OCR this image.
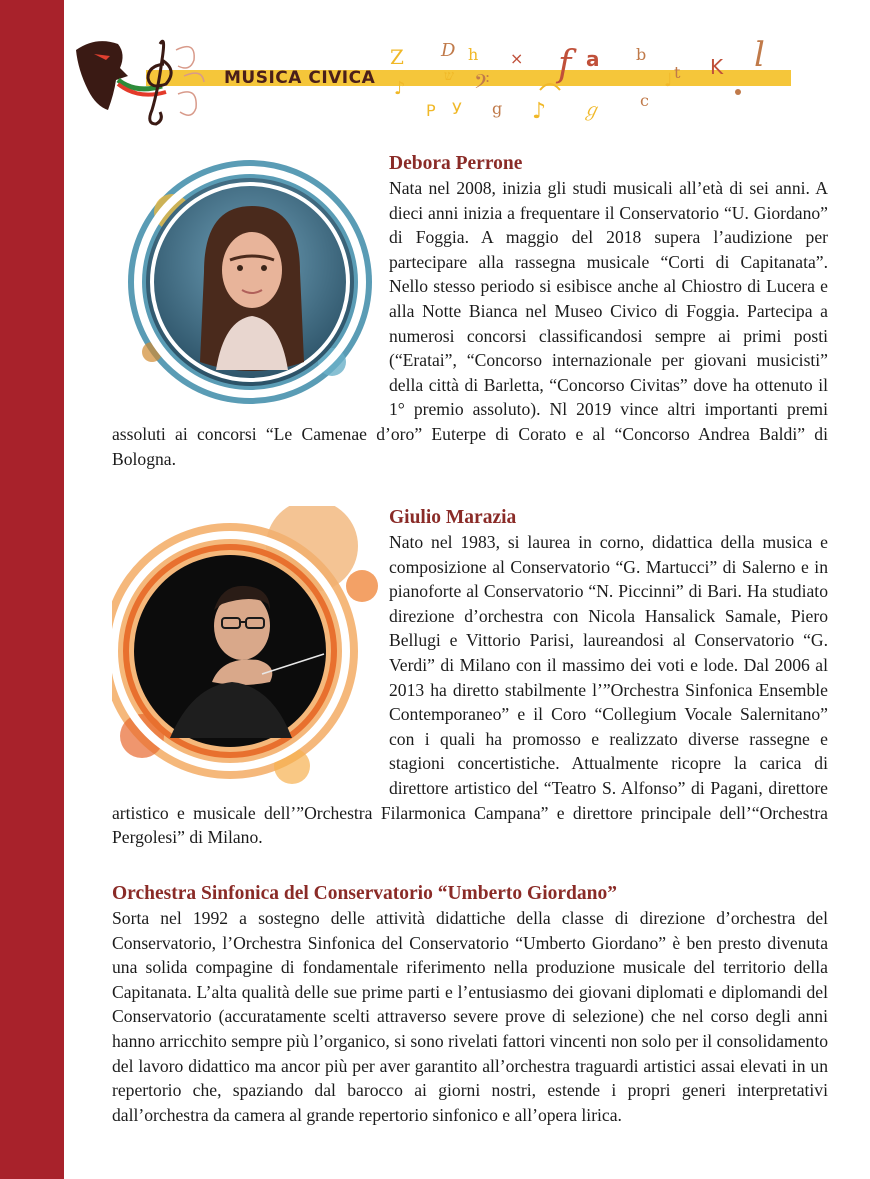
Z D h × f a b
t K l
ש 𝄢
P У g ♪ ℊ	c
♩
♪
MUSICA CIVICA
Debora Perrone

Nata nel 2008, inizia gli studi musicali all’età di sei anni. A dieci anni inizia a frequentare il Conservatorio “U. Giordano” di Foggia. A maggio del 2018 supera l’audizione per partecipare alla rassegna musicale “Corti di Capitanata”. Nello stesso periodo si esibisce anche al Chiostro di Lucera e alla Notte Bianca nel Museo Civico di Foggia. Partecipa a numerosi concorsi classificandosi sempre ai primi posti (“Eratai”, “Concorso internazionale per giovani musicisti” della città di Barletta, “Concorso Civitas” dove ha ottenuto il 1° premio assoluto). Nl 2019 vince altri importanti premi assoluti ai concorsi “Le Camenae d’oro” Euterpe di Corato e al “Concorso Andrea Baldi” di Bologna.

Giulio Marazia

Nato nel 1983, si laurea in corno, didattica della musica e composizione al Conservatorio “G. Martucci” di Salerno e in pianoforte al Conservatorio “N. Piccinni” di Bari. Ha studiato direzione d’orchestra con Nicola Hansalick Samale, Piero Bellugi e Vittorio Parisi, laureandosi al Conservatorio “G. Verdi” di Milano con il massimo dei voti e lode. Dal 2006 al 2013 ha diretto stabilmente l’”Orchestra Sinfonica Ensemble Contemporaneo” e il Coro “Collegium Vocale Salernitano” con i quali ha promosso e realizzato diverse rassegne e stagioni concertistiche. Attualmente ricopre la carica di direttore artistico del “Teatro S. Alfonso” di Pagani, direttore artistico e musicale dell’”Orchestra Filarmonica Campana” e direttore principale dell’“Orchestra Pergolesi” di Milano.

Orchestra Sinfonica del Conservatorio “Umberto Giordano”

Sorta nel 1992 a sostegno delle attività didattiche della classe di direzione d’orchestra del Conservatorio, l’Orchestra Sinfonica del Conservatorio “Umberto Giordano” è ben presto divenuta una solida compagine di fondamentale riferimento nella produzione musicale del territorio della Capitanata. L’alta qualità delle sue prime parti e l’entusiasmo dei giovani diplomati e diplomandi del Conservatorio (accuratamente scelti attraverso severe prove di selezione) che nel corso degli anni hanno arricchito sempre più l’organico, si sono rivelati fattori vincenti non solo per il consolidamento del lavoro didattico ma ancor più per aver garantito all’orchestra traguardi artistici assai elevati in un repertorio che, spaziando dal barocco ai giorni nostri, estende i propri generi interpretativi dall’orchestra da camera al grande repertorio sinfonico e all’opera lirica.
